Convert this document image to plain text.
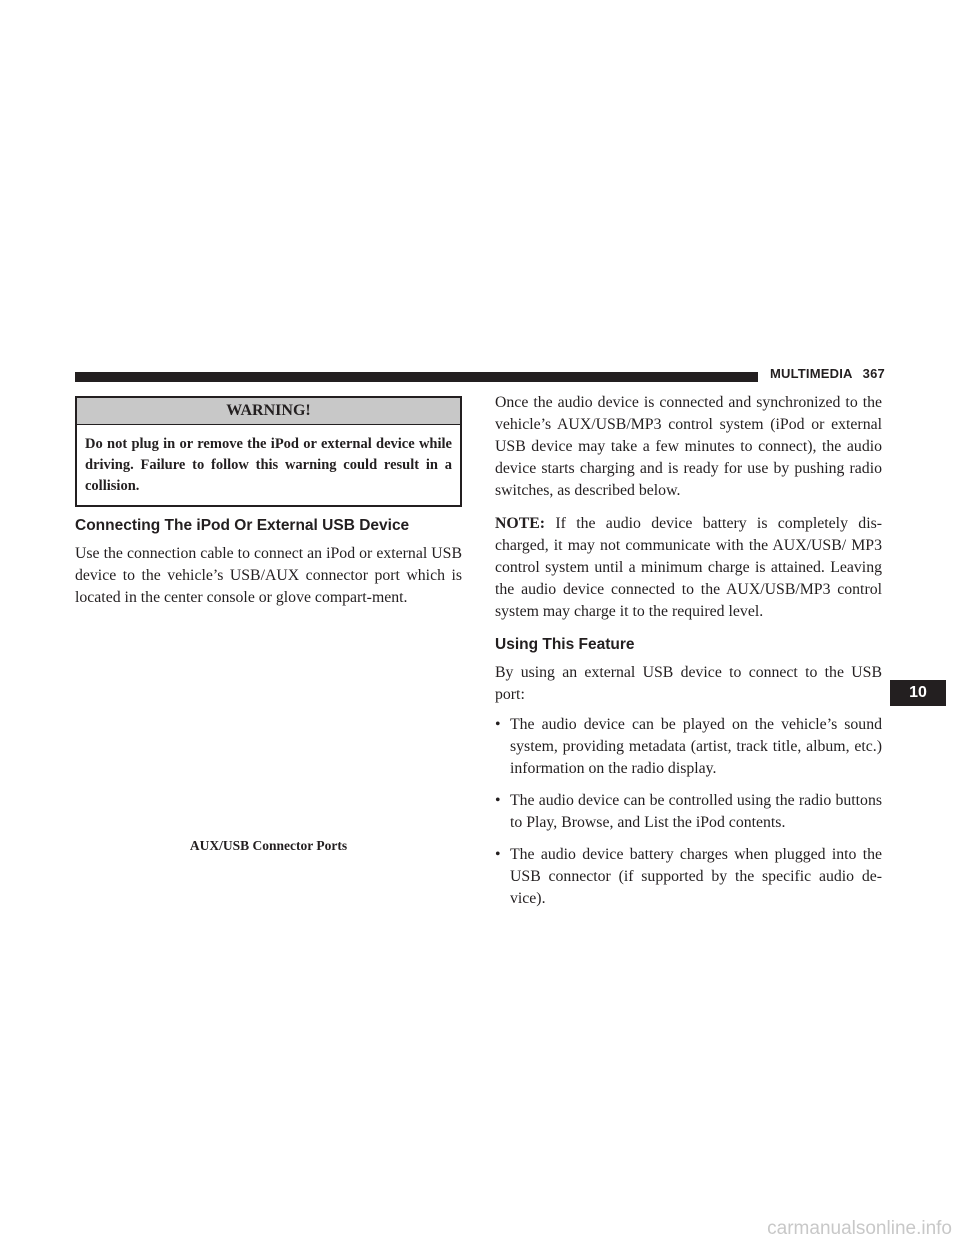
MULTIMEDIA 367
WARNING!
Do not plug in or remove the iPod or external device while driving. Failure to follow this warning could result in a collision.
Connecting The iPod Or External USB Device

Use the connection cable to connect an iPod or external USB device to the vehicle’s USB/AUX connector port which is located in the center console or glove compart-ment.

AUX/USB Connector Ports

Once the audio device is connected and synchronized to the vehicle’s AUX/USB/MP3 control system (iPod or external USB device may take a few minutes to connect), the audio device starts charging and is ready for use by pushing radio switches, as described below.

NOTE: If the audio device battery is completely dis-charged, it may not communicate with the AUX/USB/ MP3 control system until a minimum charge is attained. Leaving the audio device connected to the AUX/USB/MP3 control system may charge it to the required level.

Using This Feature

By using an external USB device to connect to the USB port:

• The audio device can be played on the vehicle’s sound system, providing metadata (artist, track title, album, etc.) information on the radio display.
• The audio device can be controlled using the radio buttons to Play, Browse, and List the iPod contents.
• The audio device battery charges when plugged into the USB connector (if supported by the specific audio de-vice).
10
carmanualsonline.info
